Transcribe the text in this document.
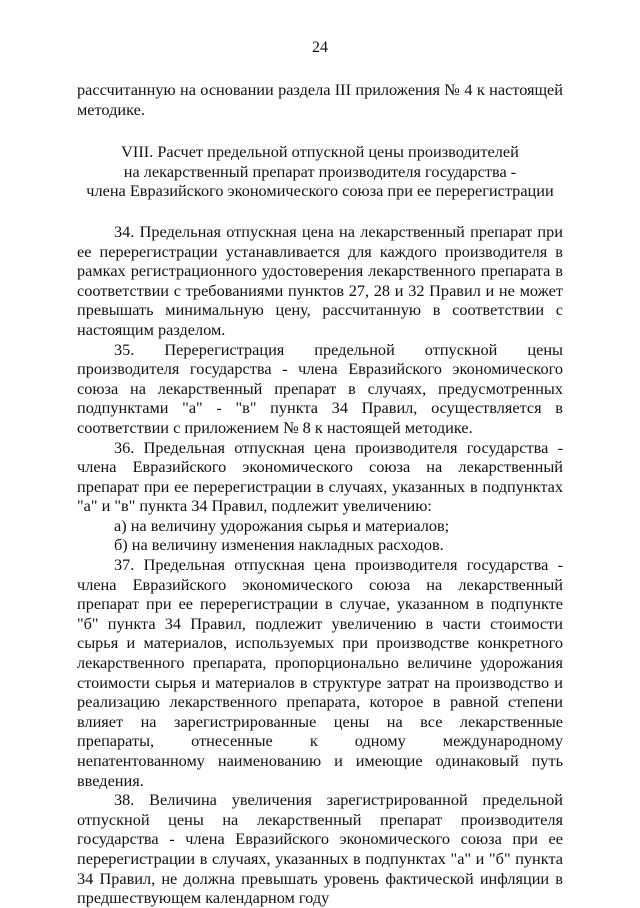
24

рассчитанную на основании раздела III приложения № 4 к настоящей методике.

VIII. Расчет предельной отпускной цены производителей
на лекарственный препарат производителя государства -
члена Евразийского экономического союза при ее перерегистрации

34. Предельная отпускная цена на лекарственный препарат при ее перерегистрации устанавливается для каждого производителя в рамках регистрационного удостоверения лекарственного препарата в соответствии с требованиями пунктов 27, 28 и 32 Правил и не может превышать минимальную цену, рассчитанную в соответствии с настоящим разделом.

35. Перерегистрация предельной отпускной цены производителя государства - члена Евразийского экономического союза на лекарственный препарат в случаях, предусмотренных подпунктами "а" - "в" пункта 34 Правил, осуществляется в соответствии с приложением № 8 к настоящей методике.

36. Предельная отпускная цена производителя государства - члена Евразийского экономического союза на лекарственный препарат при ее перерегистрации в случаях, указанных в подпунктах "а" и "в" пункта 34 Правил, подлежит увеличению:

а) на величину удорожания сырья и материалов;

б) на величину изменения накладных расходов.

37. Предельная отпускная цена производителя государства - члена Евразийского экономического союза на лекарственный препарат при ее перерегистрации в случае, указанном в подпункте "б" пункта 34 Правил, подлежит увеличению в части стоимости сырья и материалов, используемых при производстве конкретного лекарственного препарата, пропорционально величине удорожания стоимости сырья и материалов в структуре затрат на производство и реализацию лекарственного препарата, которое в равной степени влияет на зарегистрированные цены на все лекарственные препараты, отнесенные к одному международному непатентованному наименованию и имеющие одинаковый путь введения.

38. Величина увеличения зарегистрированной предельной отпускной цены на лекарственный препарат производителя государства - члена Евразийского экономического союза при ее перерегистрации в случаях, указанных в подпунктах "а" и "б" пункта 34 Правил, не должна превышать уровень фактической инфляции в предшествующем календарном году
